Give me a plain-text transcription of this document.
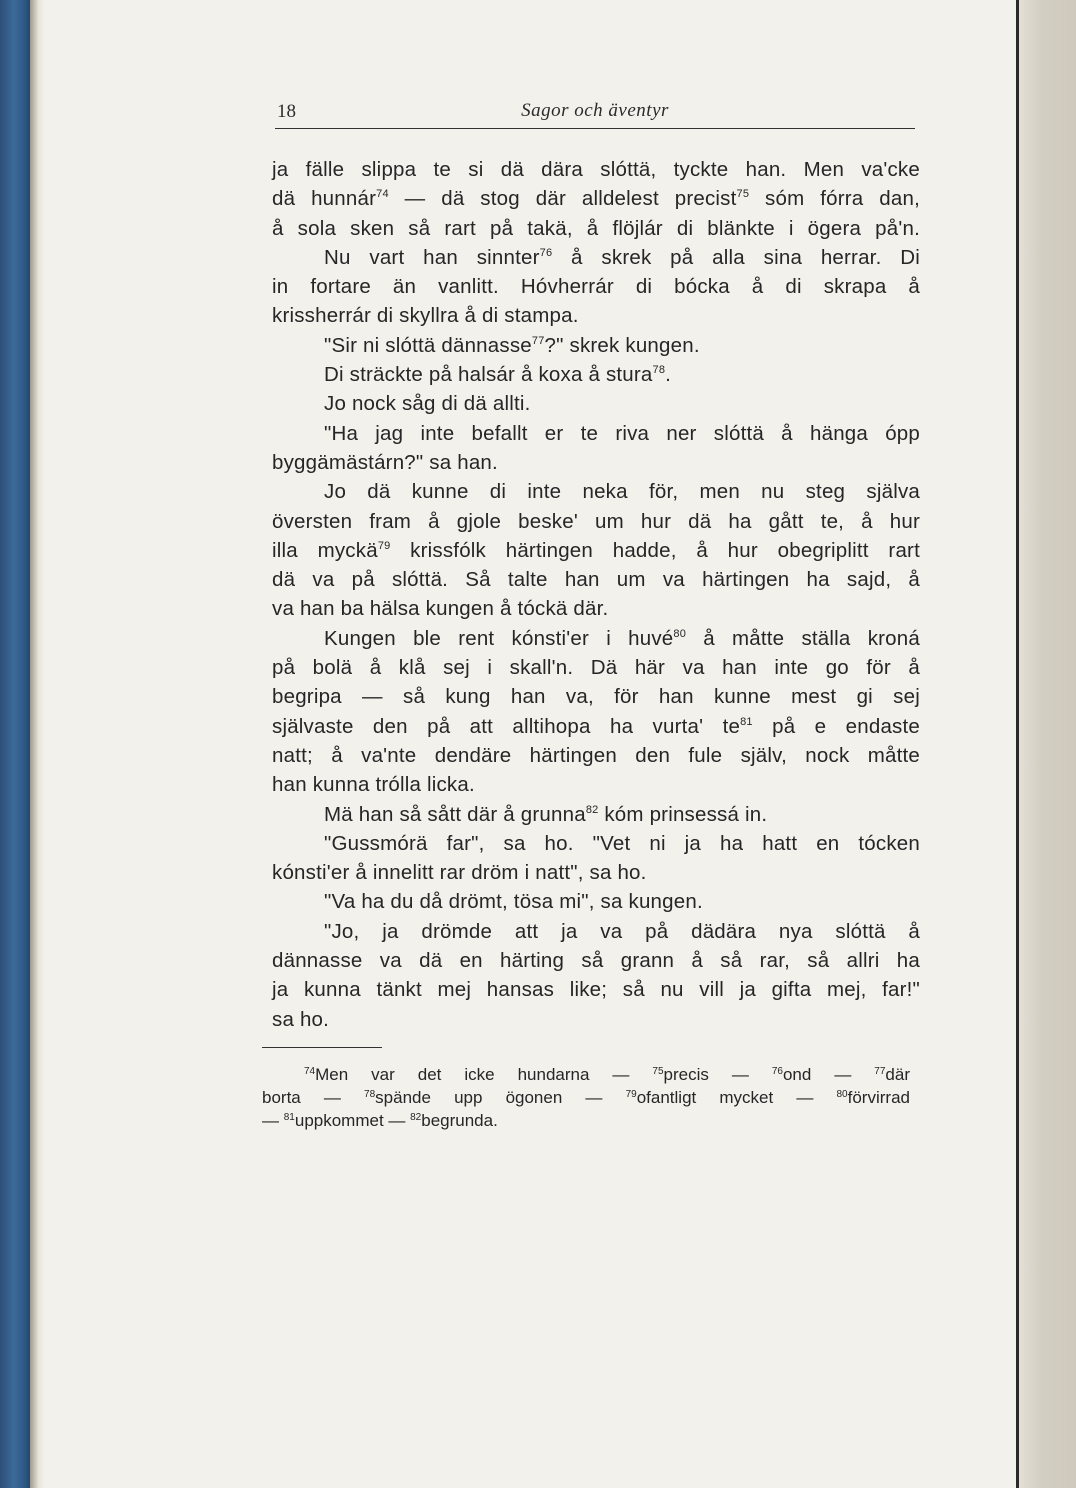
18	Sagor och äventyr
ja fälle slippa te si dä dära slóttä, tyckte han. Men va'cke
dä hunnár$^{74}$ — dä stog där alldelest precist$^{75}$ sóm fórra dan,
å sola sken så rart på takä, å flöjlár di blänkte i ögera på'n.
Nu vart han sinnter$^{76}$ å skrek på alla sina herrar. Di
in fortare än vanlitt. Hóvherrár di bócka å di skrapa å
krissherrár di skyllra å di stampa.
"Sir ni slóttä dännasse$^{77}$?" skrek kungen.
Di sträckte på halsár å koxa å stura$^{78}$.
Jo nock såg di dä allti.
"Ha jag inte befallt er te riva ner slóttä å hänga ópp
byggämästárn?" sa han.
Jo dä kunne di inte neka för, men nu steg själva
översten fram å gjole beske' um hur dä ha gått te, å hur
illa myckä$^{79}$ krissfólk härtingen hadde, å hur obegriplitt rart
dä va på slóttä. Så talte han um va härtingen ha sajd, å
va han ba hälsa kungen å tóckä där.
Kungen ble rent kónsti'er i huvé$^{80}$ å måtte ställa kroná
på bolä å klå sej i skall'n. Dä här va han inte go för å
begripa — så kung han va, för han kunne mest gi sej
självaste den på att alltihopa ha vurta' $te^{81}$ på e endaste
natt; å va'nte dendäre härtingen den fule själv, nock måtte
han kunna trólla licka.
Mä han så sått där å grunna$^{82}$ kóm prinsessá in.
"Gussmórä far", sa ho. "Vet ni ja ha hatt en tócken
kónsti'er å innelitt rar dröm i natt", sa ho.
"Va ha du då drömt, tösa mi", sa kungen.
"Jo, ja drömde att ja va på dädära nya slóttä å
dännasse va dä en härting så grann å så rar, så allri ha
ja kunna tänkt mej hansas like; så nu vill ja gifta mej, far!"
sa ho.
$^{74}$Men var det icke hundarna — $^{75}$precis — $^{76}$ond — $^{77}$där
borta — $^{78}$spände upp ögonen — $^{79}$ofantligt mycket — $^{80}$förvirrad
— $^{81}$uppkommet — $^{82}$begrunda.
